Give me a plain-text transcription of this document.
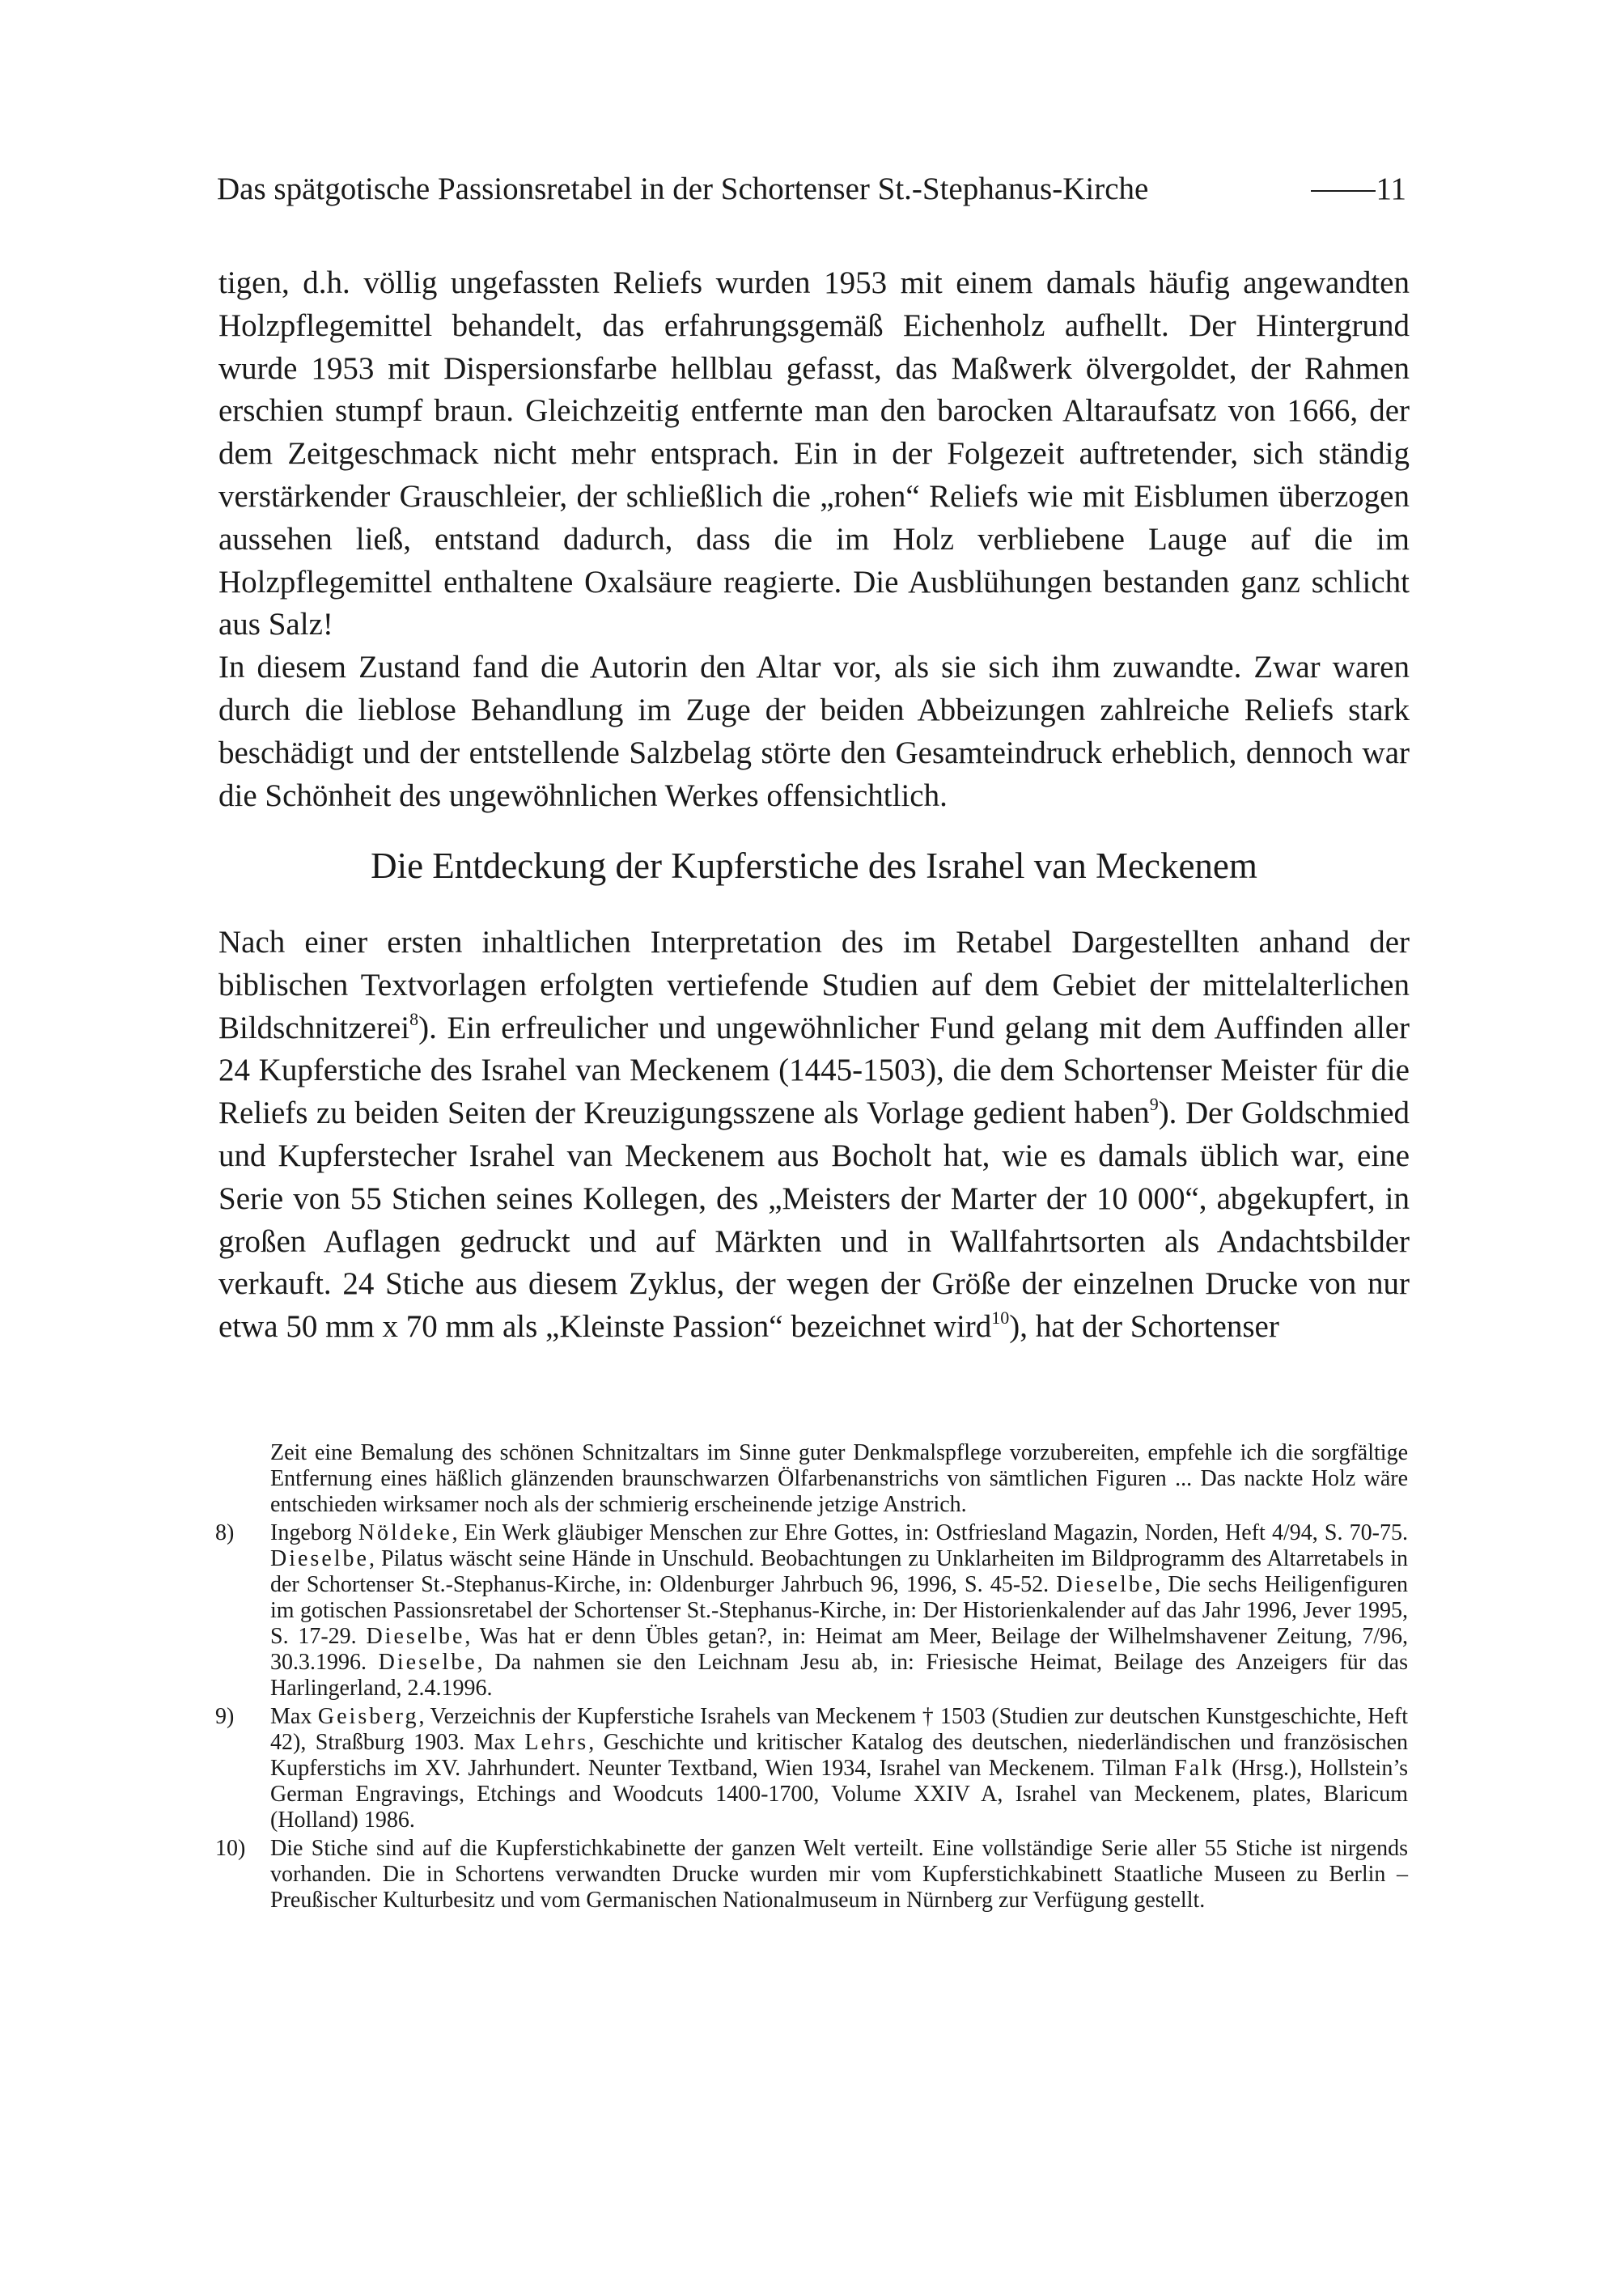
Das spätgotische Passionsretabel in der Schortenser St.-Stephanus-Kirche	11

tigen, d.h. völlig ungefassten Reliefs wurden 1953 mit einem damals häufig angewandten Holzpflegemittel behandelt, das erfahrungsgemäß Eichenholz aufhellt. Der Hintergrund wurde 1953 mit Dispersionsfarbe hellblau gefasst, das Maßwerk ölvergoldet, der Rahmen erschien stumpf braun. Gleichzeitig entfernte man den barocken Altaraufsatz von 1666, der dem Zeitgeschmack nicht mehr entsprach. Ein in der Folgezeit auftretender, sich ständig verstärkender Grauschleier, der schließlich die „rohen“ Reliefs wie mit Eisblumen überzogen aussehen ließ, entstand dadurch, dass die im Holz verbliebene Lauge auf die im Holzpflegemittel enthaltene Oxalsäure reagierte. Die Ausblühungen bestanden ganz schlicht aus Salz!

In diesem Zustand fand die Autorin den Altar vor, als sie sich ihm zuwandte. Zwar waren durch die lieblose Behandlung im Zuge der beiden Abbeizungen zahlreiche Reliefs stark beschädigt und der entstellende Salzbelag störte den Gesamteindruck erheblich, dennoch war die Schönheit des ungewöhnlichen Werkes offensichtlich.

Die Entdeckung der Kupferstiche des Israhel van Meckenem

Nach einer ersten inhaltlichen Interpretation des im Retabel Dargestellten anhand der biblischen Textvorlagen erfolgten vertiefende Studien auf dem Gebiet der mittelalterlichen Bildschnitzerei$^8$). Ein erfreulicher und ungewöhnlicher Fund gelang mit dem Auffinden aller 24 Kupferstiche des Israhel van Meckenem (1445-1503), die dem Schortenser Meister für die Reliefs zu beiden Seiten der Kreuzigungsszene als Vorlage gedient haben$^9$). Der Goldschmied und Kupferstecher Israhel van Meckenem aus Bocholt hat, wie es damals üblich war, eine Serie von 55 Stichen seines Kollegen, des „Meisters der Marter der 10 000“, abgekupfert, in großen Auflagen gedruckt und auf Märkten und in Wallfahrtsorten als Andachtsbilder verkauft. 24 Stiche aus diesem Zyklus, der wegen der Größe der einzelnen Drucke von nur etwa 50 mm x 70 mm als „Kleinste Passion“ bezeichnet wird$^{10}$), hat der Schortenser

Zeit eine Bemalung des schönen Schnitzaltars im Sinne guter Denkmalspflege vorzubereiten, empfehle ich die sorgfältige Entfernung eines häßlich glänzenden braunschwarzen Ölfarbenanstrichs von sämtlichen Figuren ... Das nackte Holz wäre entschieden wirksamer noch als der schmierig erscheinende jetzige Anstrich.

8) Ingeborg Nöldeke, Ein Werk gläubiger Menschen zur Ehre Gottes, in: Ostfriesland Magazin, Norden, Heft 4/94, S. 70-75. Dieselbe, Pilatus wäscht seine Hände in Unschuld. Beobachtungen zu Unklarheiten im Bildprogramm des Altarretabels in der Schortenser St.-Stephanus-Kirche, in: Oldenburger Jahrbuch 96, 1996, S. 45-52. Dieselbe, Die sechs Heiligenfiguren im gotischen Passionsretabel der Schortenser St.-Stephanus-Kirche, in: Der Historienkalender auf das Jahr 1996, Jever 1995, S. 17-29. Dieselbe, Was hat er denn Übles getan?, in: Heimat am Meer, Beilage der Wilhelmshavener Zeitung, 7/96, 30.3.1996. Dieselbe, Da nahmen sie den Leichnam Jesu ab, in: Friesische Heimat, Beilage des Anzeigers für das Harlingerland, 2.4.1996.
9) Max Geisberg, Verzeichnis der Kupferstiche Israhels van Meckenem † 1503 (Studien zur deutschen Kunstgeschichte, Heft 42), Straßburg 1903. Max Lehrs, Geschichte und kritischer Katalog des deutschen, niederländischen und französischen Kupferstichs im XV. Jahrhundert. Neunter Textband, Wien 1934, Israhel van Meckenem. Tilman Falk (Hrsg.), Hollstein’s German Engravings, Etchings and Woodcuts 1400-1700, Volume XXIV A, Israhel van Meckenem, plates, Blaricum (Holland) 1986.
10) Die Stiche sind auf die Kupferstichkabinette der ganzen Welt verteilt. Eine vollständige Serie aller 55 Stiche ist nirgends vorhanden. Die in Schortens verwandten Drucke wurden mir vom Kupferstichkabinett Staatliche Museen zu Berlin – Preußischer Kulturbesitz und vom Germanischen Nationalmuseum in Nürnberg zur Verfügung gestellt.
